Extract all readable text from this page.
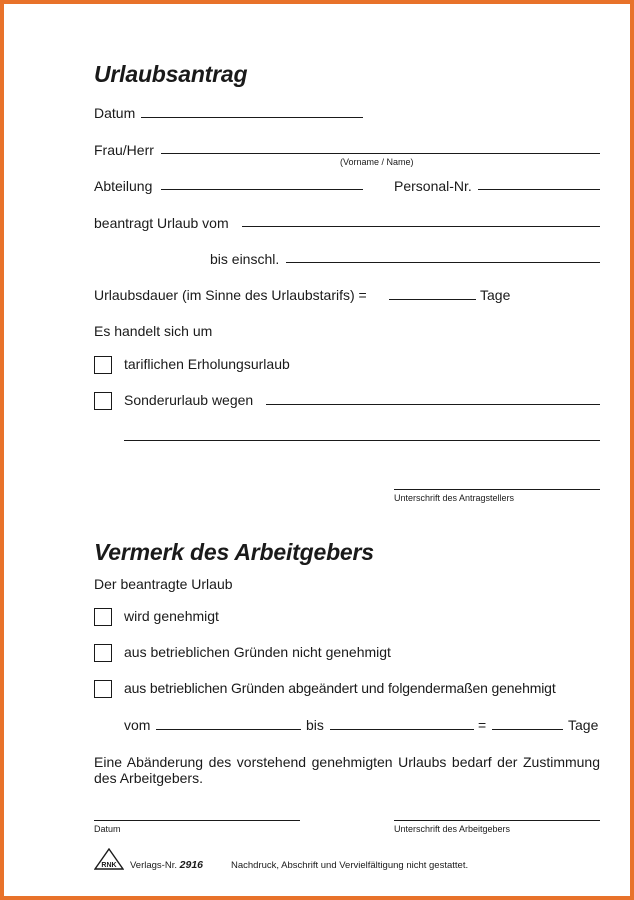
Urlaubsantrag
Datum
Frau/Herr
(Vorname / Name)
Abteilung	Personal-Nr.
beantragt Urlaub vom
bis einschl.
Urlaubsdauer (im Sinne des Urlaubstarifs) =	Tage
Es handelt sich um
tariflichen Erholungsurlaub
Sonderurlaub wegen
Unterschrift des Antragstellers
Vermerk des Arbeitgebers
Der beantragte Urlaub
wird genehmigt
aus betrieblichen Gründen nicht genehmigt
aus betrieblichen Gründen abgeändert und folgendermaßen genehmigt
vom	bis	=	Tage
Eine Abänderung des vorstehend genehmigten Urlaubs bedarf der Zustimmung des Arbeitgebers.
Datum	Unterschrift des Arbeitgebers
RNK Verlags-Nr. 2916	Nachdruck, Abschrift und Vervielfältigung nicht gestattet.
